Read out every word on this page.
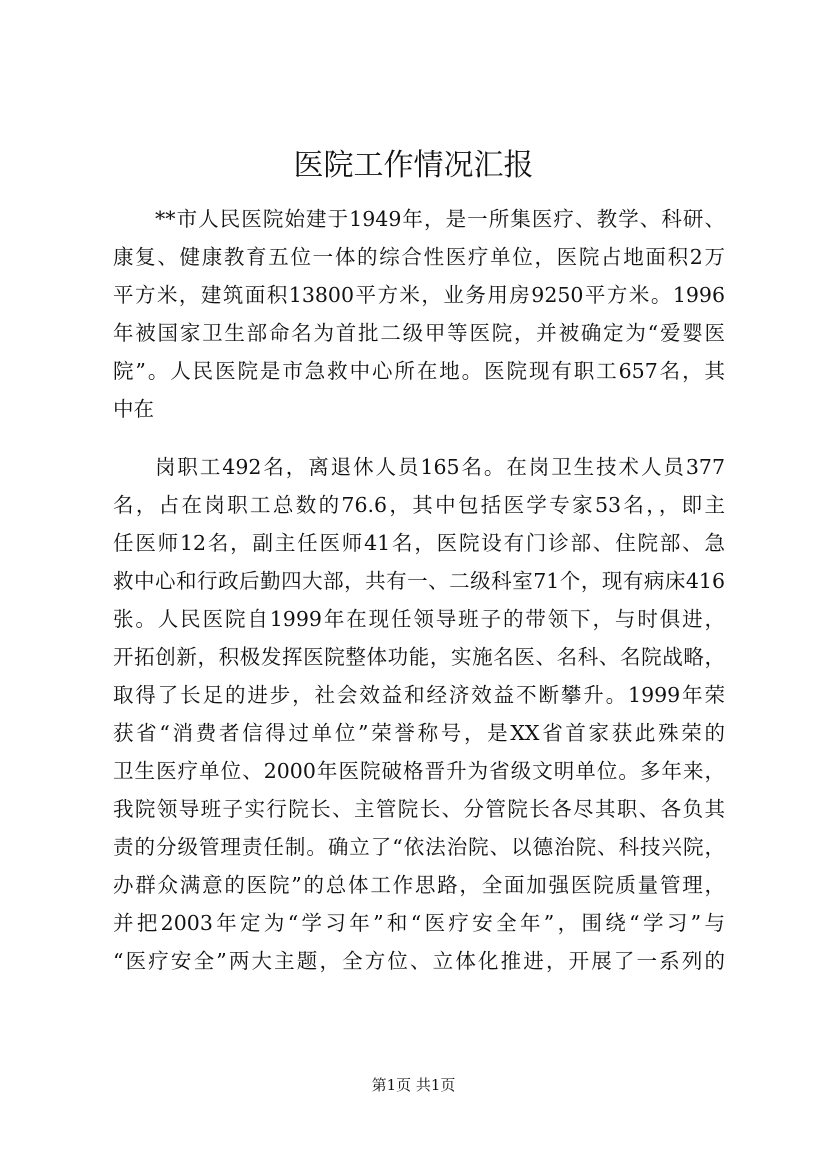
医院工作情况汇报
**市人民医院始建于1949年，是一所集医疗、教学、科研、
康复、健康教育五位一体的综合性医疗单位，医院占地面积2万
平方米，建筑面积13800平方米，业务用房9250平方米。1996
年被国家卫生部命名为首批二级甲等医院，并被确定为“爱婴医
院”。人民医院是市急救中心所在地。医院现有职工657名，其
中在
岗职工492名，离退休人员165名。在岗卫生技术人员377
名，占在岗职工总数的76.6，其中包括医学专家53名，，即主
任医师12名，副主任医师41名，医院设有门诊部、住院部、急
救中心和行政后勤四大部，共有一、二级科室71个，现有病床416
张。人民医院自1999年在现任领导班子的带领下，与时俱进，
开拓创新，积极发挥医院整体功能，实施名医、名科、名院战略，
取得了长足的进步，社会效益和经济效益不断攀升。1999年荣
获省“消费者信得过单位”荣誉称号，是XX省首家获此殊荣的
卫生医疗单位、2000年医院破格晋升为省级文明单位。多年来，
我院领导班子实行院长、主管院长、分管院长各尽其职、各负其
责的分级管理责任制。确立了“依法治院、以德治院、科技兴院，
办群众满意的医院”的总体工作思路，全面加强医院质量管理，
并把2003年定为“学习年”和“医疗安全年”，围绕“学习”与
“医疗安全”两大主题，全方位、立体化推进，开展了一系列的
第1页 共1页
